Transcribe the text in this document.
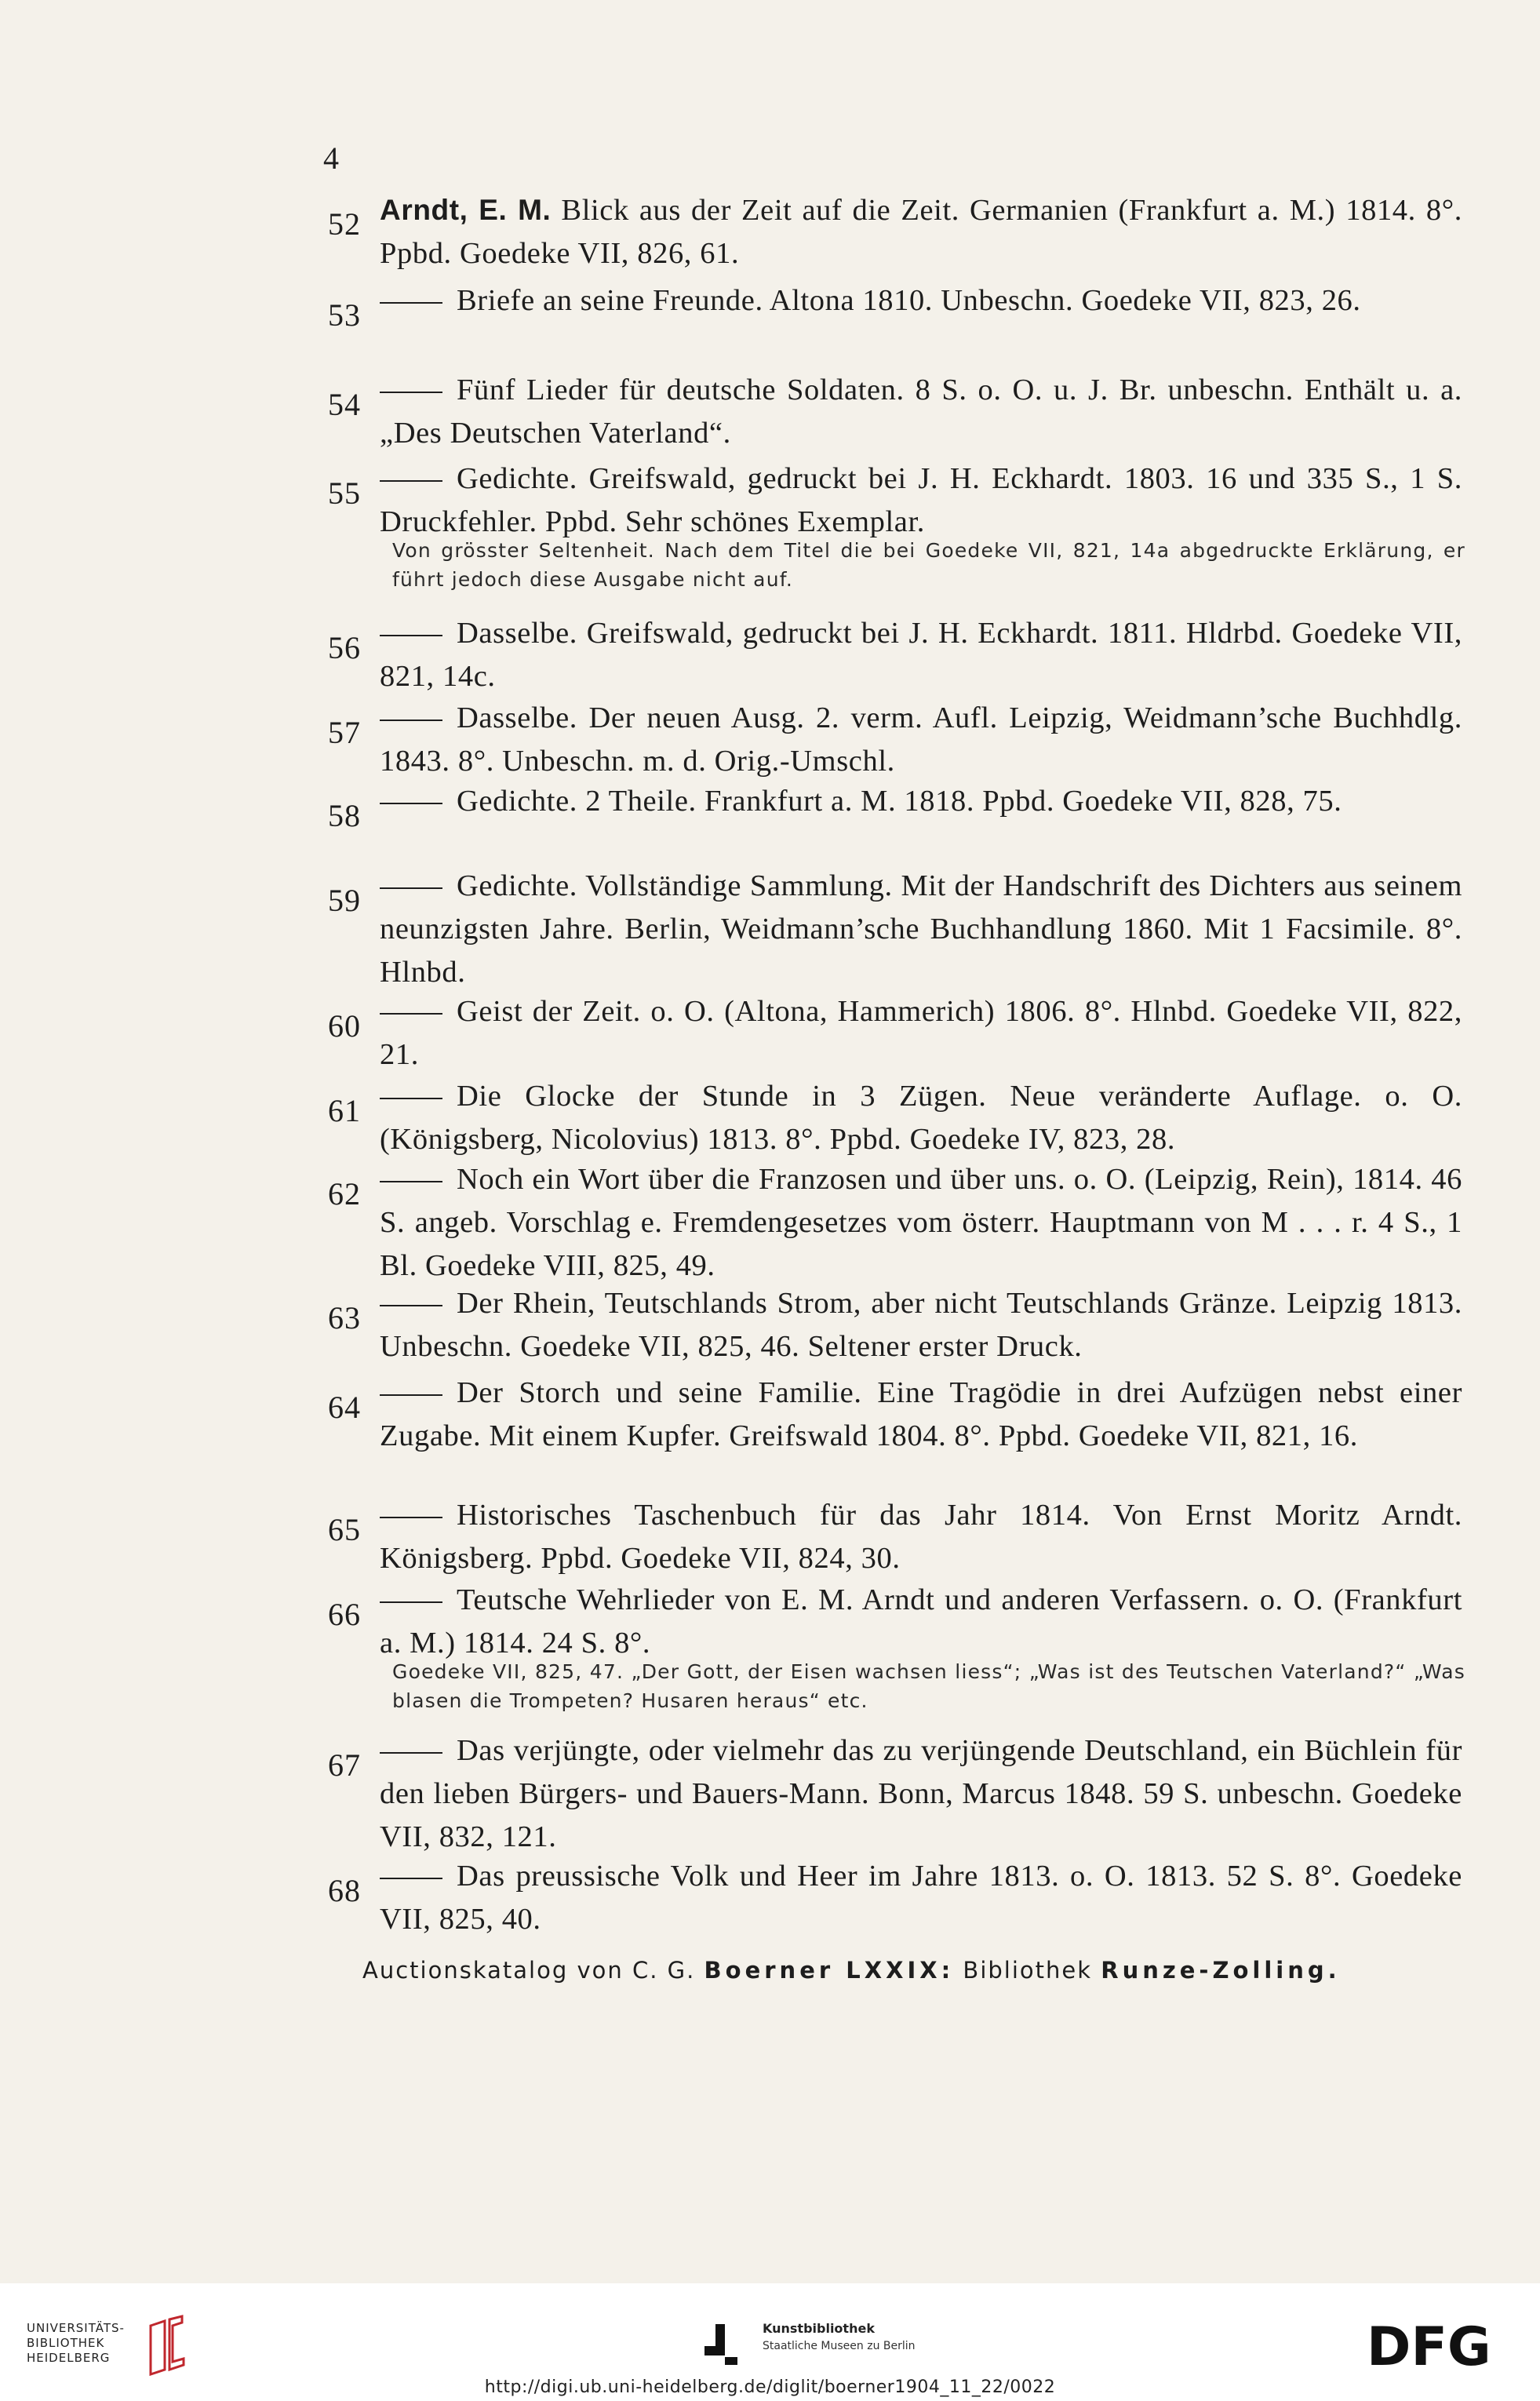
4
52 Arndt, E. M. Blick aus der Zeit auf die Zeit. Germanien (Frankfurt a. M.) 1814. 8°. Ppbd. Goedeke VII, 826, 61.
53	Briefe an seine Freunde. Altona 1810. Unbeschn. Goedeke VII, 823, 26.
54	Fünf Lieder für deutsche Soldaten. 8 S. o. O. u. J. Br. unbeschn. Enthält u. a. „Des Deutschen Vaterland“.
55	Gedichte. Greifswald, gedruckt bei J. H. Eckhardt. 1803. 16 und 335 S., 1 S. Druckfehler. Ppbd. Sehr schönes Exemplar.
Von grösster Seltenheit. Nach dem Titel die bei Goedeke VII, 821, 14a abgedruckte Erklärung, er führt jedoch diese Ausgabe nicht auf.
56	Dasselbe. Greifswald, gedruckt bei J. H. Eckhardt. 1811. Hldrbd. Goedeke VII, 821, 14c.
57	Dasselbe. Der neuen Ausg. 2. verm. Aufl. Leipzig, Weidmann’sche Buchhdlg. 1843. 8°. Unbeschn. m. d. Orig.-Umschl.
58	Gedichte. 2 Theile. Frankfurt a. M. 1818. Ppbd. Goedeke VII, 828, 75.
59	Gedichte. Vollständige Sammlung. Mit der Handschrift des Dichters aus seinem neunzigsten Jahre. Berlin, Weidmann’sche Buchhandlung 1860. Mit 1 Facsimile. 8°. Hlnbd.
60	Geist der Zeit. o. O. (Altona, Hammerich) 1806. 8°. Hlnbd. Goedeke VII, 822, 21.
61	Die Glocke der Stunde in 3 Zügen. Neue veränderte Auflage. o. O. (Königsberg, Nicolovius) 1813. 8°. Ppbd. Goedeke IV, 823, 28.
62	Noch ein Wort über die Franzosen und über uns. o. O. (Leipzig, Rein), 1814. 46 S. angeb. Vorschlag e. Fremdengesetzes vom österr. Hauptmann von M . . . r. 4 S., 1 Bl. Goedeke VIII, 825, 49.
63	Der Rhein, Teutschlands Strom, aber nicht Teutschlands Gränze. Leipzig 1813. Unbeschn. Goedeke VII, 825, 46. Seltener erster Druck.
64	Der Storch und seine Familie. Eine Tragödie in drei Aufzügen nebst einer Zugabe. Mit einem Kupfer. Greifswald 1804. 8°. Ppbd. Goedeke VII, 821, 16.
65	Historisches Taschenbuch für das Jahr 1814. Von Ernst Moritz Arndt. Königsberg. Ppbd. Goedeke VII, 824, 30.
66	Teutsche Wehrlieder von E. M. Arndt und anderen Verfassern. o. O. (Frankfurt a. M.) 1814. 24 S. 8°.
Goedeke VII, 825, 47. „Der Gott, der Eisen wachsen liess“; „Was ist des Teutschen Vaterland?“ „Was blasen die Trompeten? Husaren heraus“ etc.
67	Das verjüngte, oder vielmehr das zu verjüngende Deutschland, ein Büchlein für den lieben Bürgers- und Bauers-Mann. Bonn, Marcus 1848. 59 S. unbeschn. Goedeke VII, 832, 121.
68	Das preussische Volk und Heer im Jahre 1813. o. O. 1813. 52 S. 8°. Goedeke VII, 825, 40.
Auctionskatalog von C. G. Boerner LXXIX: Bibliothek Runze-Zolling.
UNIVERSITÄTS-
BIBLIOTHEK
HEIDELBERG
Kunstbibliothek
Staatliche Museen zu Berlin	DFG
http://digi.ub.uni-heidelberg.de/diglit/boerner1904_11_22/0022
